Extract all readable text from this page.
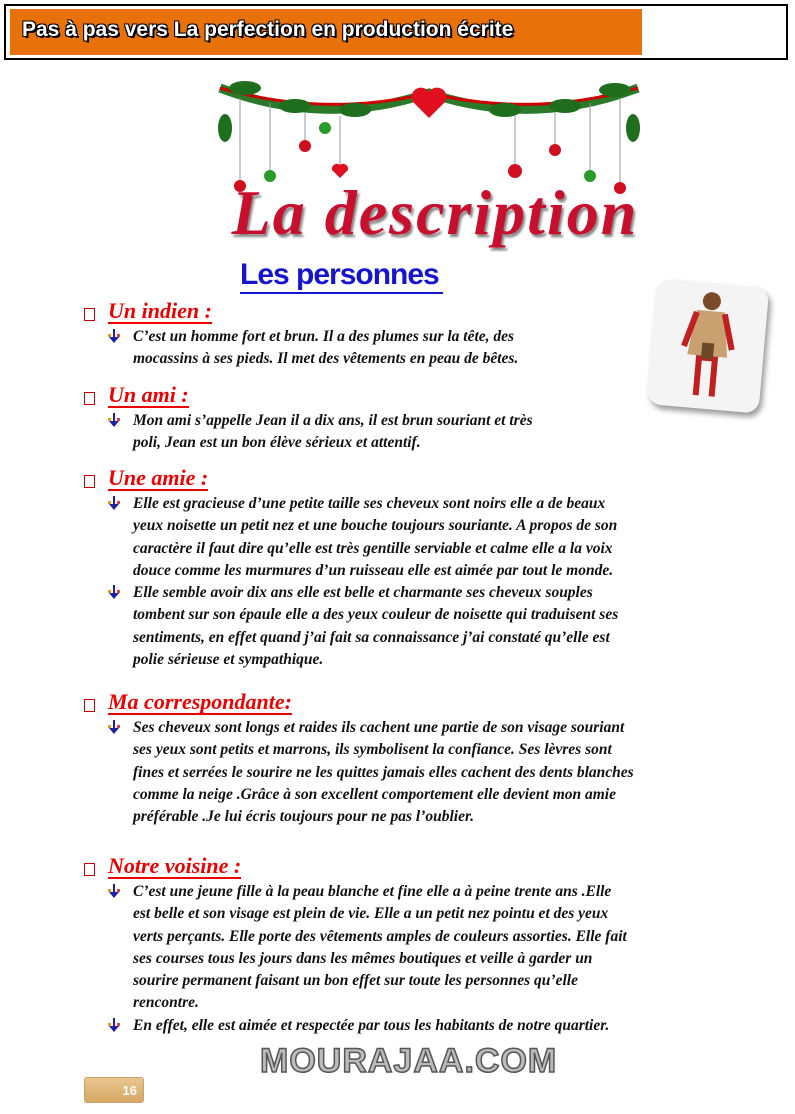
Pas à pas vers La perfection en production écrite
La description
Les personnes
Un indien :
C’est un homme fort et brun. Il a des plumes sur la tête, des
mocassins à ses pieds. Il met des vêtements en peau de bêtes.
Un ami :
Mon ami s’appelle Jean il a dix ans, il est brun souriant et très
poli, Jean est un bon élève sérieux et attentif.
Une amie :
Elle est gracieuse d’une petite taille ses cheveux sont noirs elle a de beaux
yeux noisette un petit nez et une bouche toujours souriante. A propos de son
caractère il faut dire qu’elle est très gentille serviable et calme elle a la voix
douce comme les murmures d’un ruisseau elle est aimée par tout le monde.
Elle semble avoir dix ans elle est belle et charmante ses cheveux souples
tombent sur son épaule elle a des yeux couleur de noisette qui traduisent ses
sentiments, en effet quand j’ai fait sa connaissance j’ai constaté qu’elle est
polie sérieuse et sympathique.
Ma correspondante:
Ses cheveux sont longs et raides ils cachent une partie de son visage souriant
ses yeux sont petits et marrons, ils symbolisent la confiance. Ses lèvres sont
fines et serrées le sourire ne les quittes jamais elles cachent des dents blanches
comme la neige .Grâce à son excellent comportement elle devient mon amie
préférable .Je lui écris toujours pour ne pas l’oublier.
Notre voisine :
C’est une jeune fille à la peau blanche et fine elle a à peine trente ans .Elle
est belle et son visage est plein de vie. Elle a un petit nez pointu et des yeux
verts perçants. Elle porte des vêtements amples de couleurs assorties. Elle fait
ses courses tous les jours dans les mêmes boutiques et veille à garder un
sourire permanent faisant un bon effet sur toute les personnes qu’elle
rencontre.
En effet, elle est aimée et respectée par tous les habitants de notre quartier.
MOURAJAA.COM
16
